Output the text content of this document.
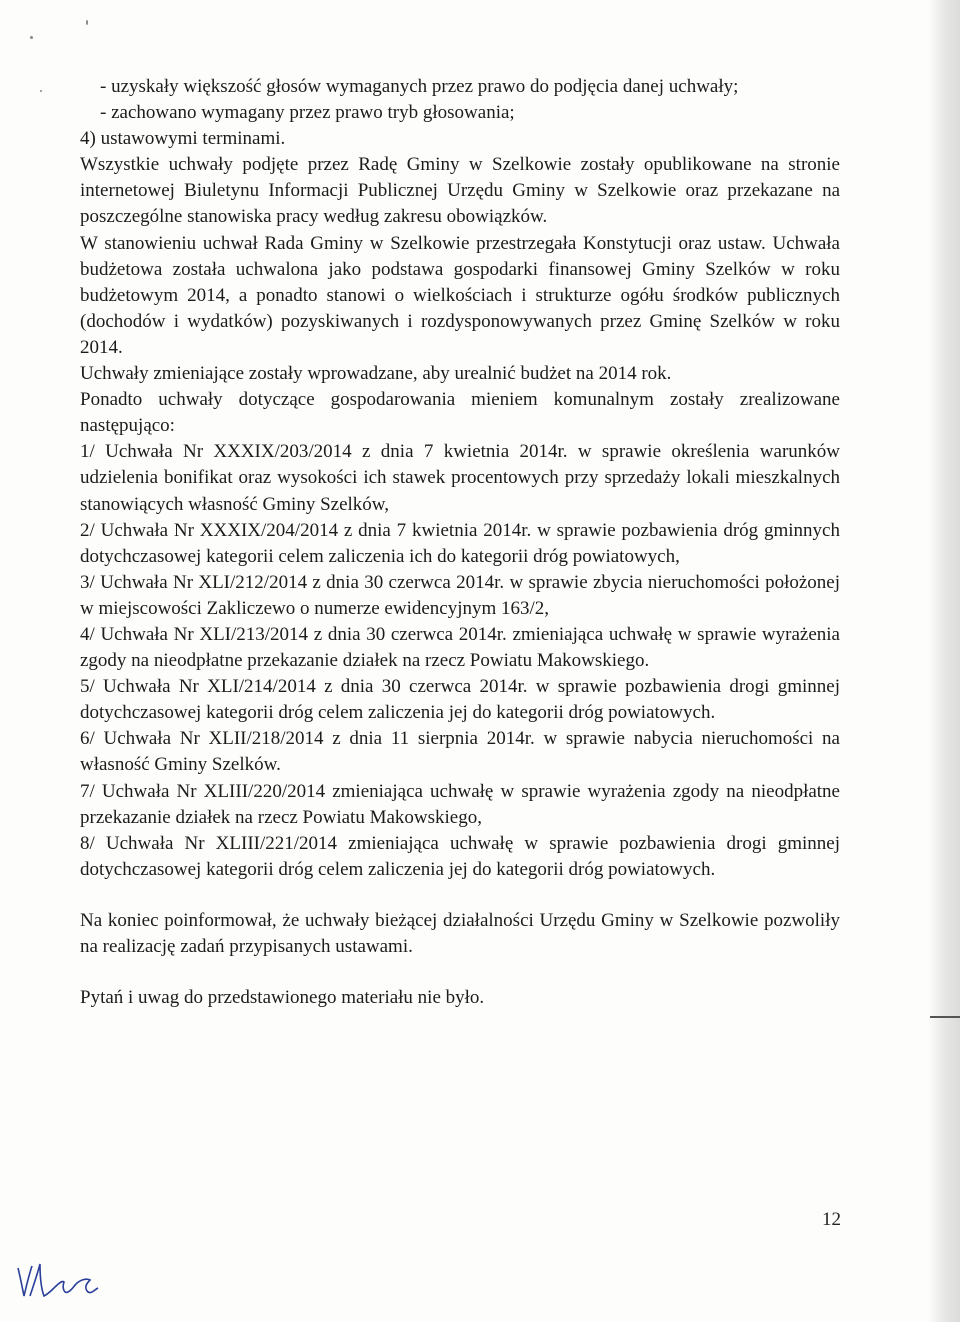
- uzyskały większość głosów wymaganych przez prawo do podjęcia danej uchwały;

- zachowano wymagany przez prawo tryb głosowania;

4) ustawowymi terminami.

Wszystkie uchwały podjęte przez Radę Gminy w Szelkowie zostały opublikowane na stronie internetowej Biuletynu Informacji Publicznej Urzędu Gminy w Szelkowie oraz przekazane na poszczególne stanowiska pracy według zakresu obowiązków.

W stanowieniu uchwał Rada Gminy w Szelkowie przestrzegała Konstytucji oraz ustaw. Uchwała budżetowa została uchwalona jako podstawa gospodarki finansowej Gminy Szelków w roku budżetowym 2014, a ponadto stanowi o wielkościach i strukturze ogółu środków publicznych (dochodów i wydatków) pozyskiwanych i rozdysponowywanych przez Gminę Szelków w roku 2014.

Uchwały zmieniające zostały wprowadzane, aby urealnić budżet na 2014 rok.

Ponadto uchwały dotyczące gospodarowania mieniem komunalnym zostały zrealizowane następująco:

1/ Uchwała Nr XXXIX/203/2014 z dnia 7 kwietnia 2014r. w sprawie określenia warunków udzielenia bonifikat oraz wysokości ich stawek procentowych przy sprzedaży lokali mieszkalnych stanowiących własność Gminy Szelków,

2/ Uchwała Nr XXXIX/204/2014 z dnia 7 kwietnia 2014r. w sprawie pozbawienia dróg gminnych dotychczasowej kategorii celem zaliczenia ich do kategorii dróg powiatowych,

3/ Uchwała Nr XLI/212/2014 z dnia 30 czerwca 2014r. w sprawie zbycia nieruchomości położonej w miejscowości Zakliczewo o numerze ewidencyjnym 163/2,

4/ Uchwała Nr XLI/213/2014 z dnia 30 czerwca 2014r. zmieniająca uchwałę w sprawie wyrażenia zgody na nieodpłatne przekazanie działek na rzecz Powiatu Makowskiego.

5/ Uchwała Nr XLI/214/2014 z dnia 30 czerwca 2014r. w sprawie pozbawienia drogi gminnej dotychczasowej kategorii dróg celem zaliczenia jej do kategorii dróg powiatowych.

6/ Uchwała Nr XLII/218/2014 z dnia 11 sierpnia 2014r. w sprawie nabycia nieruchomości na własność Gminy Szelków.

7/ Uchwała Nr XLIII/220/2014 zmieniająca uchwałę w sprawie wyrażenia zgody na nieodpłatne przekazanie działek na rzecz Powiatu Makowskiego,

8/ Uchwała Nr XLIII/221/2014 zmieniająca uchwałę w sprawie pozbawienia drogi gminnej dotychczasowej kategorii dróg celem zaliczenia jej do kategorii dróg powiatowych.

Na koniec poinformował, że uchwały bieżącej działalności Urzędu Gminy w Szelkowie pozwoliły na realizację zadań przypisanych ustawami.

Pytań i uwag do przedstawionego materiału nie było.

12
